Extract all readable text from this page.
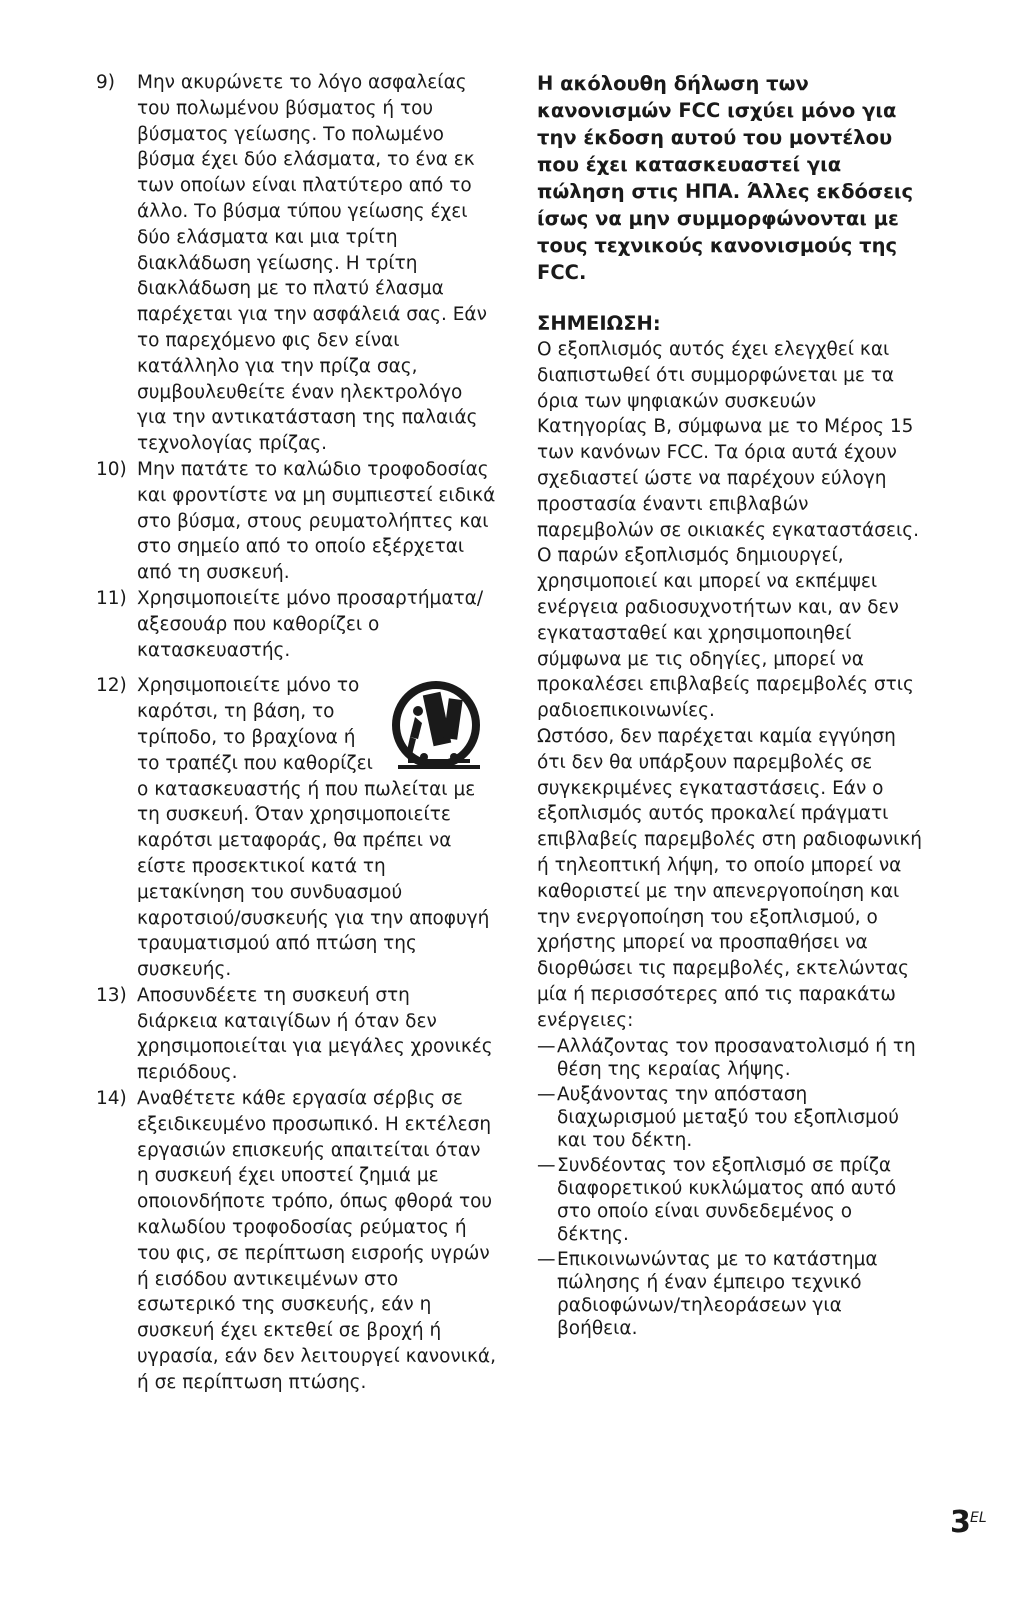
9)	Μην ακυρώνετε το λόγο ασφαλείας του πολωμένου βύσματος ή του βύσματος γείωσης. Το πολωμένο βύσμα έχει δύο ελάσματα, το ένα εκ των οποίων είναι πλατύτερο από το άλλο. Το βύσμα τύπου γείωσης έχει δύο ελάσματα και μια τρίτη διακλάδωση γείωσης. Η τρίτη διακλάδωση με το πλατύ έλασμα παρέχεται για την ασφάλειά σας. Εάν το παρεχόμενο φις δεν είναι κατάλληλο για την πρίζα σας, συμβουλευθείτε έναν ηλεκτρολόγο για την αντικατάσταση της παλαιάς τεχνολογίας πρίζας.
10) Μην πατάτε το καλώδιο τροφοδοσίας και φροντίστε να μη συμπιεστεί ειδικά στο βύσμα, στους ρευματολήπτες και στο σημείο από το οποίο εξέρχεται από τη συσκευή.
11) Χρησιμοποιείτε μόνο προσαρτήματα/αξεσουάρ που καθορίζει ο κατασκευαστής.
12) Χρησιμοποιείτε μόνο το καρότσι, τη βάση, το τρίποδο, το βραχίονα ή το τραπέζι που καθορίζει ο κατασκευαστής ή που πωλείται με τη συσκευή. Όταν χρησιμοποιείτε καρότσι μεταφοράς, θα πρέπει να είστε προσεκτικοί κατά τη μετακίνηση του συνδυασμού καροτσιού/συσκευής για την αποφυγή τραυματισμού από πτώση της συσκευής.
13) Αποσυνδέετε τη συσκευή στη διάρκεια καταιγίδων ή όταν δεν χρησιμοποιείται για μεγάλες χρονικές περιόδους.
14) Αναθέτετε κάθε εργασία σέρβις σε εξειδικευμένο προσωπικό. Η εκτέλεση εργασιών επισκευής απαιτείται όταν η συσκευή έχει υποστεί ζημιά με οποιονδήποτε τρόπο, όπως φθορά του καλωδίου τροφοδοσίας ρεύματος ή του φις, σε περίπτωση εισροής υγρών ή εισόδου αντικειμένων στο εσωτερικό της συσκευής, εάν η συσκευή έχει εκτεθεί σε βροχή ή υγρασία, εάν δεν λειτουργεί κανονικά, ή σε περίπτωση πτώσης.
Η ακόλουθη δήλωση των κανονισμών FCC ισχύει μόνο για την έκδοση αυτού του μοντέλου που έχει κατασκευαστεί για πώληση στις ΗΠΑ. Άλλες εκδόσεις ίσως να μην συμμορφώνονται με τους τεχνικούς κανονισμούς της FCC.
ΣΗΜΕΙΩΣΗ:
Ο εξοπλισμός αυτός έχει ελεγχθεί και διαπιστωθεί ότι συμμορφώνεται με τα όρια των ψηφιακών συσκευών Κατηγορίας B, σύμφωνα με το Μέρος 15 των κανόνων FCC. Τα όρια αυτά έχουν σχεδιαστεί ώστε να παρέχουν εύλογη προστασία έναντι επιβλαβών παρεμβολών σε οικιακές εγκαταστάσεις. Ο παρών εξοπλισμός δημιουργεί, χρησιμοποιεί και μπορεί να εκπέμψει ενέργεια ραδιοσυχνοτήτων και, αν δεν εγκατασταθεί και χρησιμοποιηθεί σύμφωνα με τις οδηγίες, μπορεί να προκαλέσει επιβλαβείς παρεμβολές στις ραδιοεπικοινωνίες.
Ωστόσο, δεν παρέχεται καμία εγγύηση ότι δεν θα υπάρξουν παρεμβολές σε συγκεκριμένες εγκαταστάσεις. Εάν ο εξοπλισμός αυτός προκαλεί πράγματι επιβλαβείς παρεμβολές στη ραδιοφωνική ή τηλεοπτική λήψη, το οποίο μπορεί να καθοριστεί με την απενεργοποίηση και την ενεργοποίηση του εξοπλισμού, ο χρήστης μπορεί να προσπαθήσει να διορθώσει τις παρεμβολές, εκτελώντας μία ή περισσότερες από τις παρακάτω ενέργειες:
— Αλλάζοντας τον προσανατολισμό ή τη θέση της κεραίας λήψης.
— Αυξάνοντας την απόσταση διαχωρισμού μεταξύ του εξοπλισμού και του δέκτη.
— Συνδέοντας τον εξοπλισμό σε πρίζα διαφορετικού κυκλώματος από αυτό στο οποίο είναι συνδεδεμένος ο δέκτης.
— Επικοινωνώντας με το κατάστημα πώλησης ή έναν έμπειρο τεχνικό ραδιοφώνων/τηλεοράσεων για βοήθεια.
3 EL
